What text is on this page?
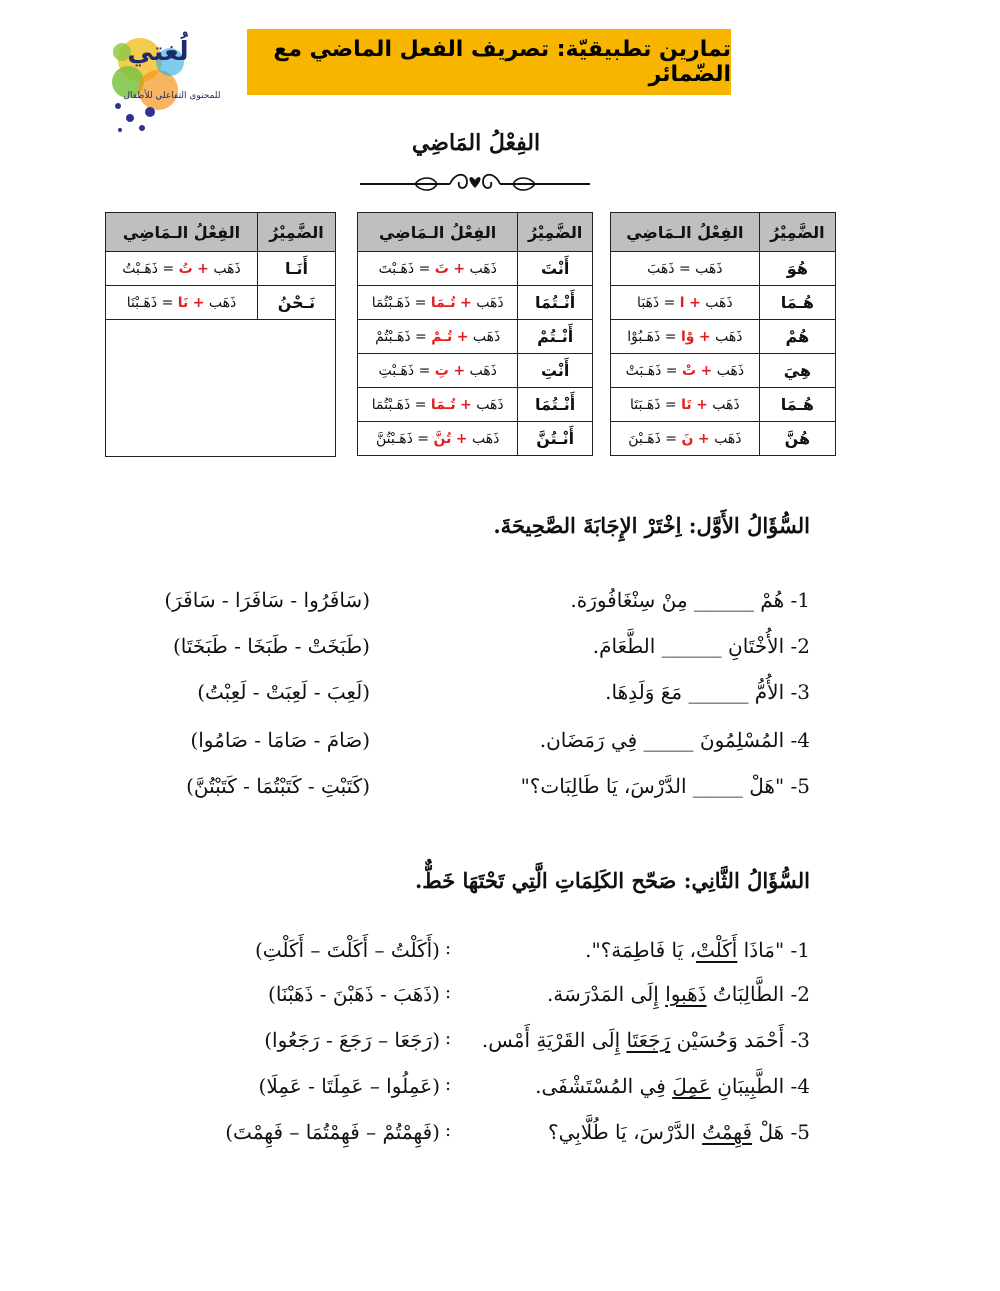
لُغتي
للمحتوى التفاعلي للأطفال
تمارين تطبيقيّة: تصريف الفعل الماضي مع الضّمائر
الفِعْلُ المَاضِي
الضَّمِيْرُ	الفِعْلُ الـمَاضِي
هُوَ	ذَهَب = ذَهَبَ
هُـمَا	ذَهَب + ا = ذَهَبَا
هُمْ	ذَهَب + وْا = ذَهَـبُوْا
هِيَ	ذَهَب + تْ = ذَهَـبَتْ
هُـمَا	ذَهَب + تَا = ذَهَـبَتَا
هُنَّ	ذَهَب + نَ = ذَهَـبْنَ
الضَّمِيْرُ	الفِعْلُ الـمَاضِي
أَنْتَ	ذَهَب + تَ = ذَهَـبْتَ
أَنْـتُمَا	ذَهَب + تُـمَا = ذَهَـبْتُمَا
أَنْـتُمْ	ذَهَب + تُـمْ = ذَهَـبْتُمْ
أَنْتِ	ذَهَب + تِ = ذَهَـبْتِ
أَنْـتُمَا	ذَهَب + تُـمَا = ذَهَـبْتُمَا
أَنْـتُنَّ	ذَهَب + تُنَّ = ذَهَـبْتُنَّ
الضَّمِيْرُ	الفِعْلُ الـمَاضِي
أَنَـا	ذَهَب + تُ = ذَهَـبْتُ
نَـحْنُ	ذَهَب + نَا = ذَهَـبْنَا
السُّؤَالُ الأَوَّل: اِخْتَرْ الإِجَابَةَ الصَّحِيحَةَ.
1- هُمْ ______ مِنْ سِنْغَافُورَة.
(سَافَرُوا - سَافَرَا - سَافَرَ)
2- الأُخْتَانِ ______ الطَّعَامَ.
(طَبَخَتْ - طَبَخَا - طَبَخَتَا)
3- الأُمُّ ______ مَعَ وَلَدِهَا.
(لَعِبَ - لَعِبَتْ - لَعِبْتُ)
4- المُسْلِمُونَ _____ فِي رَمَضَان.
(صَامَ - صَامَا - صَامُوا)
5- "هَلْ _____ الدَّرْسَ، يَا طَالِبَات؟"
(كَتَبْتِ - كَتَبْتُمَا - كَتَبْتُنَّ)
السُّؤَالُ الثَّانِي: صَحّح الكَلِمَاتِ الَّتِي تَحْتَهَا خَطٌّ.
1- "مَاذَا أَكَلْتْ، يَا فَاطِمَة؟".
:
(أَكَلْتُ – أَكَلْتَ – أَكَلْتِ)
2- الطَّالِبَاتُ ذَهَبوا إِلَى المَدْرَسَة.
:
(ذَهَبَ - ذَهَبْنَ - ذَهَبْنَا)
3- أَحْمَد وَحُسَيْن رَجَعَتَا إِلَى القَرْيَةِ أَمْس.
:
(رَجَعَا – رَجَعَ - رَجَعُوا)
4- الطَّبِيبَانِ عَمِلَ فِي المُسْتَشْفَى.
:
(عَمِلُوا – عَمِلَتَا - عَمِلَا)
5- هَلْ فَهِمْتُ الدَّرْسَ، يَا طُلَّابِي؟
:
(فَهِمْتُمْ – فَهِمْتُمَا – فَهِمْتَ)
